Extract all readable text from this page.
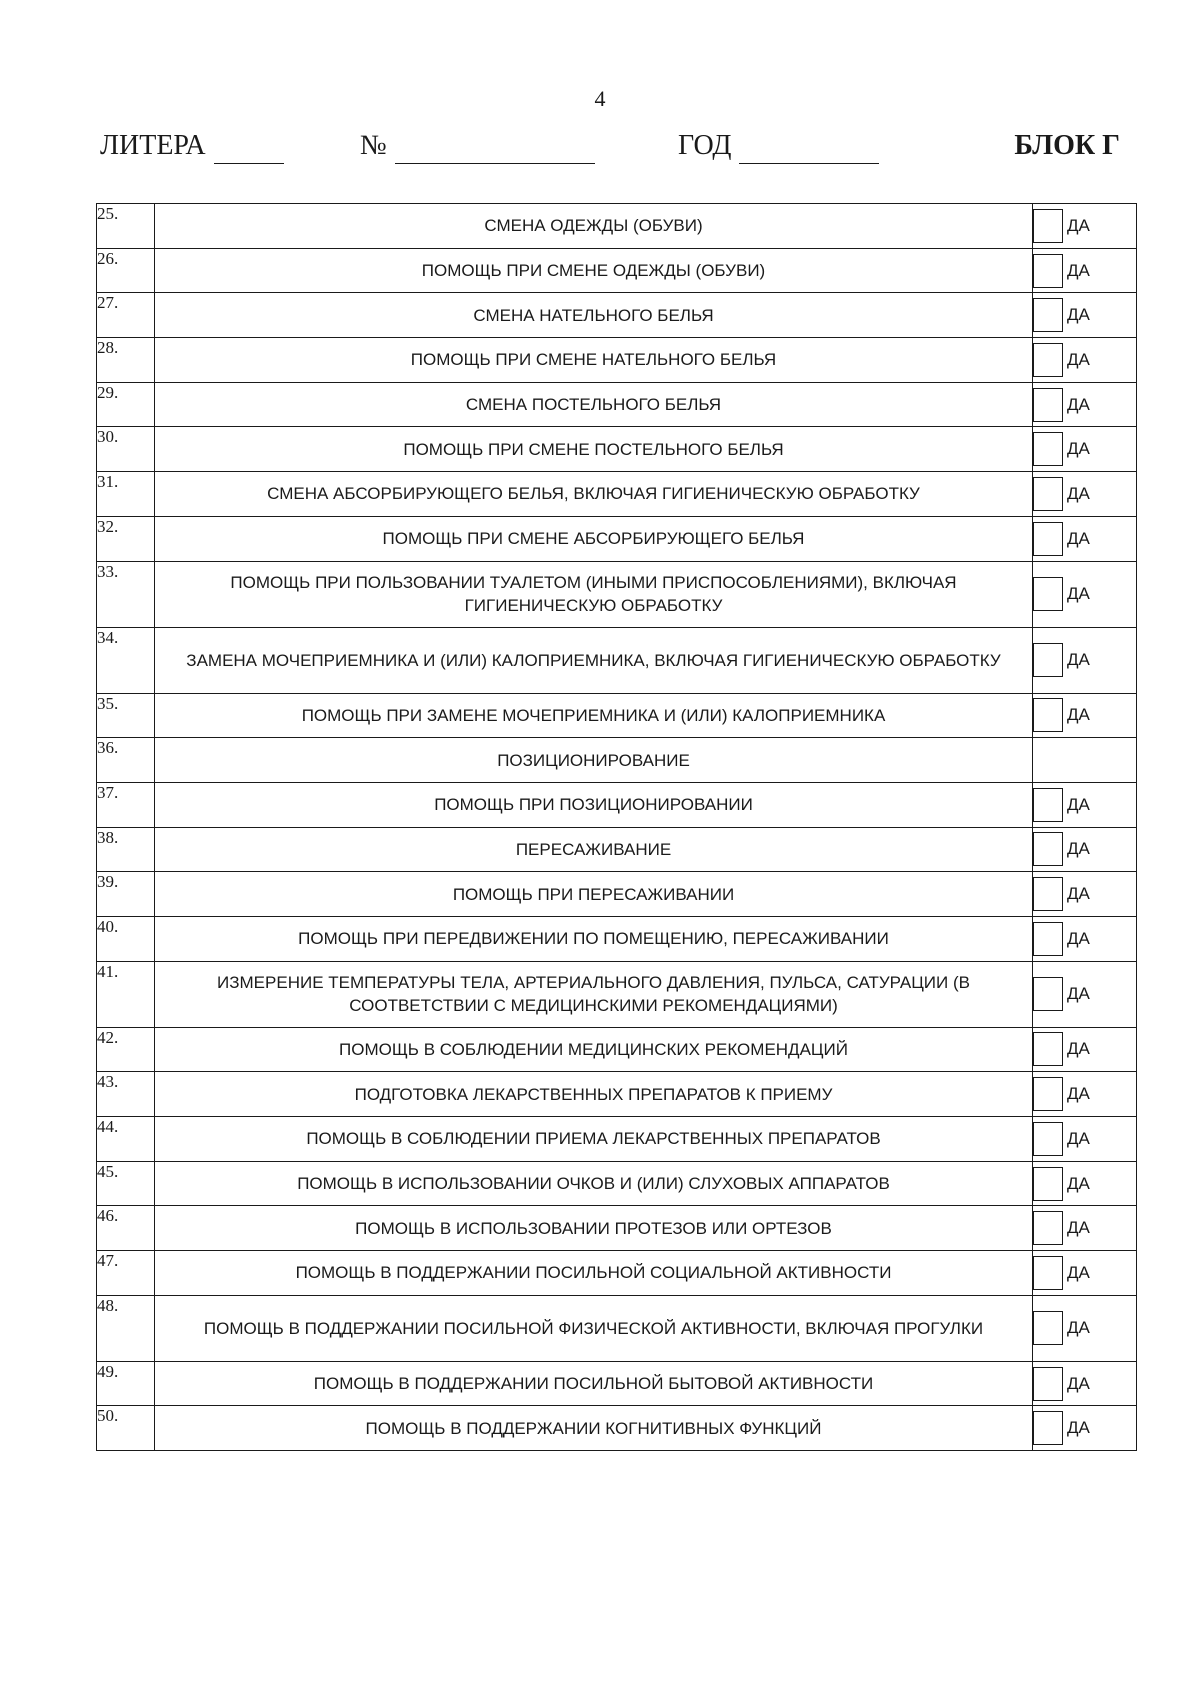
4
ЛИТЕРА	№	ГОД	БЛОК Г
25.	СМЕНА ОДЕЖДЫ (ОБУВИ)	ДА
26.	ПОМОЩЬ ПРИ СМЕНЕ ОДЕЖДЫ (ОБУВИ)	ДА
27.	СМЕНА НАТЕЛЬНОГО БЕЛЬЯ	ДА
28.	ПОМОЩЬ ПРИ СМЕНЕ НАТЕЛЬНОГО БЕЛЬЯ	ДА
29.	СМЕНА ПОСТЕЛЬНОГО БЕЛЬЯ	ДА
30.	ПОМОЩЬ ПРИ СМЕНЕ ПОСТЕЛЬНОГО БЕЛЬЯ	ДА
31.	СМЕНА АБСОРБИРУЮЩЕГО БЕЛЬЯ, ВКЛЮЧАЯ ГИГИЕНИЧЕСКУЮ ОБРАБОТКУ	ДА
32.	ПОМОЩЬ ПРИ СМЕНЕ АБСОРБИРУЮЩЕГО БЕЛЬЯ	ДА
33.	ПОМОЩЬ ПРИ ПОЛЬЗОВАНИИ ТУАЛЕТОМ (ИНЫМИ ПРИСПОСОБЛЕНИЯМИ), ВКЛЮЧАЯ ГИГИЕНИЧЕСКУЮ ОБРАБОТКУ	ДА
34.	ЗАМЕНА МОЧЕПРИЕМНИКА И (ИЛИ) КАЛОПРИЕМНИКА, ВКЛЮЧАЯ ГИГИЕНИЧЕСКУЮ ОБРАБОТКУ	ДА
35.	ПОМОЩЬ ПРИ ЗАМЕНЕ МОЧЕПРИЕМНИКА И (ИЛИ) КАЛОПРИЕМНИКА	ДА
36.	ПОЗИЦИОНИРОВАНИЕ	
37.	ПОМОЩЬ ПРИ ПОЗИЦИОНИРОВАНИИ	ДА
38.	ПЕРЕСАЖИВАНИЕ	ДА
39.	ПОМОЩЬ ПРИ ПЕРЕСАЖИВАНИИ	ДА
40.	ПОМОЩЬ ПРИ ПЕРЕДВИЖЕНИИ ПО ПОМЕЩЕНИЮ, ПЕРЕСАЖИВАНИИ	ДА
41.	ИЗМЕРЕНИЕ ТЕМПЕРАТУРЫ ТЕЛА, АРТЕРИАЛЬНОГО ДАВЛЕНИЯ, ПУЛЬСА, САТУРАЦИИ (В СООТВЕТСТВИИ С МЕДИЦИНСКИМИ РЕКОМЕНДАЦИЯМИ)	ДА
42.	ПОМОЩЬ В СОБЛЮДЕНИИ МЕДИЦИНСКИХ РЕКОМЕНДАЦИЙ	ДА
43.	ПОДГОТОВКА ЛЕКАРСТВЕННЫХ ПРЕПАРАТОВ К ПРИЕМУ	ДА
44.	ПОМОЩЬ В СОБЛЮДЕНИИ ПРИЕМА ЛЕКАРСТВЕННЫХ ПРЕПАРАТОВ	ДА
45.	ПОМОЩЬ В ИСПОЛЬЗОВАНИИ ОЧКОВ И (ИЛИ) СЛУХОВЫХ АППАРАТОВ	ДА
46.	ПОМОЩЬ В ИСПОЛЬЗОВАНИИ ПРОТЕЗОВ ИЛИ ОРТЕЗОВ	ДА
47.	ПОМОЩЬ В ПОДДЕРЖАНИИ ПОСИЛЬНОЙ СОЦИАЛЬНОЙ АКТИВНОСТИ	ДА
48.	ПОМОЩЬ В ПОДДЕРЖАНИИ ПОСИЛЬНОЙ ФИЗИЧЕСКОЙ АКТИВНОСТИ, ВКЛЮЧАЯ ПРОГУЛКИ	ДА
49.	ПОМОЩЬ В ПОДДЕРЖАНИИ ПОСИЛЬНОЙ БЫТОВОЙ АКТИВНОСТИ	ДА
50.	ПОМОЩЬ В ПОДДЕРЖАНИИ КОГНИТИВНЫХ ФУНКЦИЙ	ДА
